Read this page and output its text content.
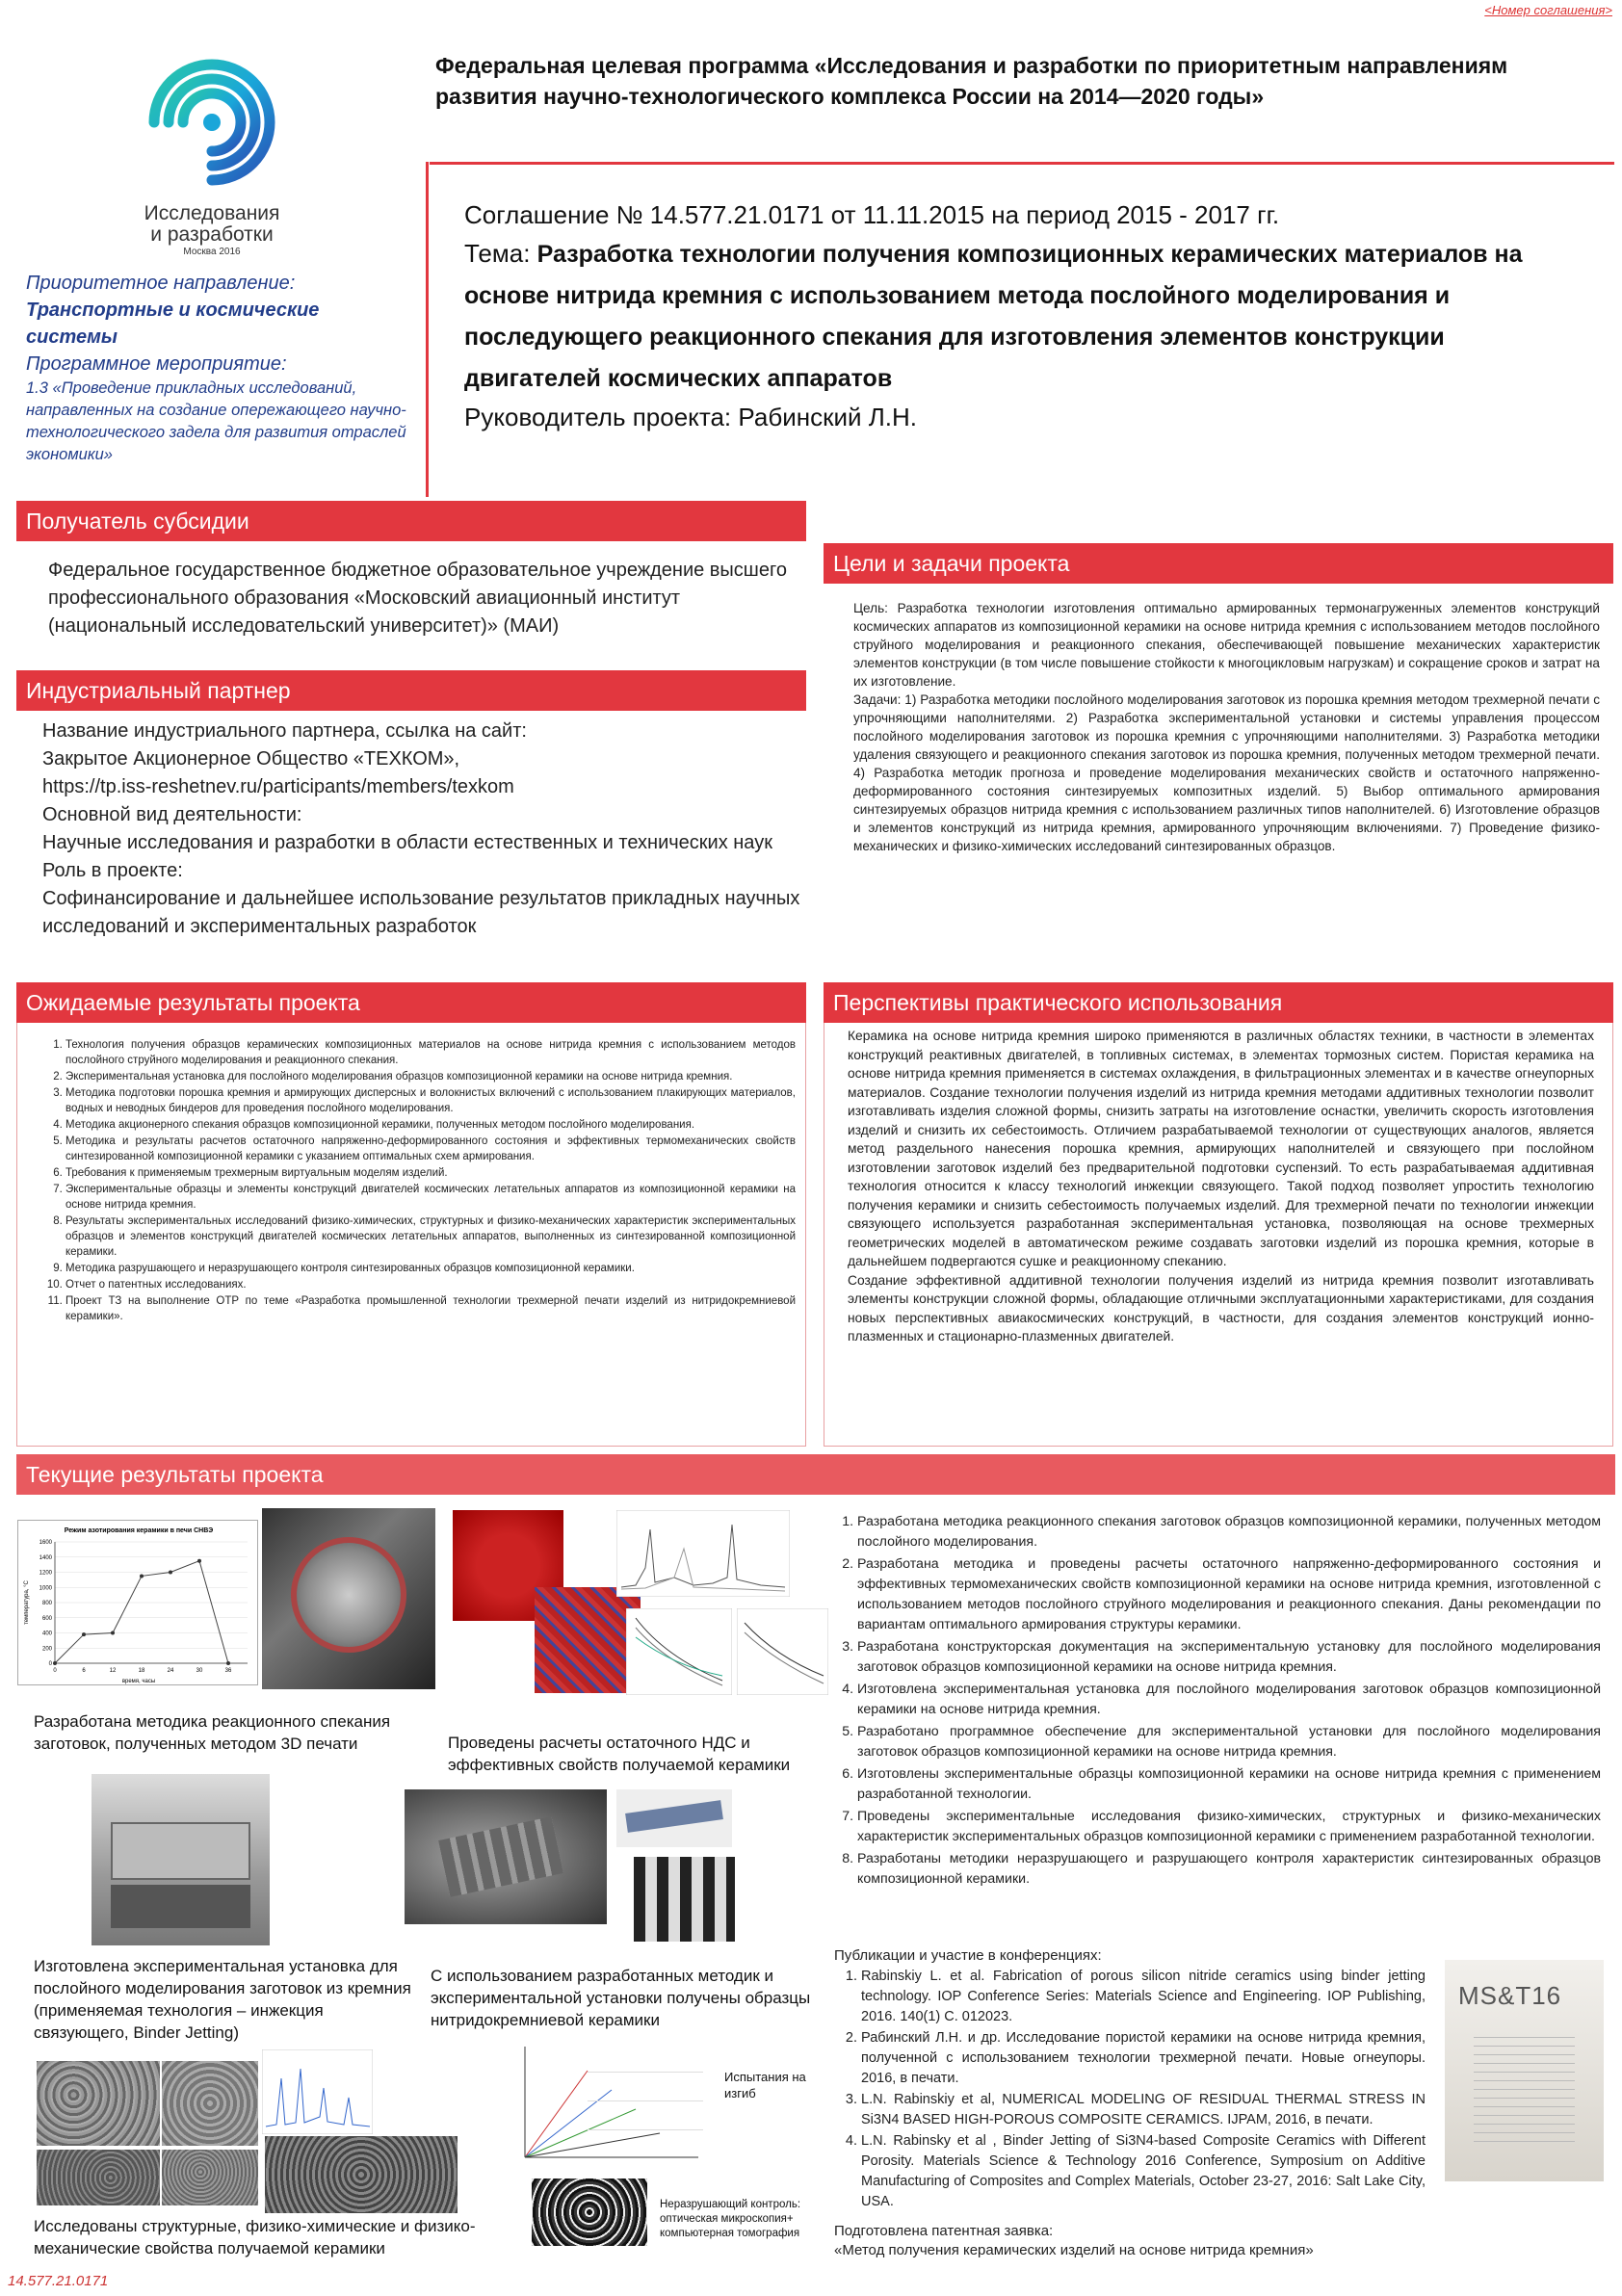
<Номер соглашения>
Исследования
и разработки
Москва 2016
Федеральная целевая программа «Исследования и разработки по приоритетным направлениям развития научно-технологического комплекса России на 2014—2020 годы»
Приоритетное направление:
Транспортные и космические системы
Программное мероприятие:
1.3 «Проведение прикладных исследований, направленных на создание опережающего научно-технологического задела для развития отраслей экономики»
Соглашение № 14.577.21.0171 от 11.11.2015 на период 2015 - 2017 гг.
Тема: Разработка технологии получения композиционных керамических материалов на основе нитрида кремния с использованием метода послойного моделирования и последующего реакционного спекания для изготовления элементов конструкции двигателей космических аппаратов
Руководитель проекта: Рабинский Л.Н.
Получатель субсидии
Федеральное государственное бюджетное образовательное учреждение высшего профессионального образования «Московский авиационный институт (национальный исследовательский университет)» (МАИ)
Индустриальный партнер
Название индустриального партнера, ссылка на сайт:
Закрытое Акционерное Общество «ТЕХКОМ»,
https://tp.iss-reshetnev.ru/participants/members/texkom
Основной вид деятельности:
Научные исследования и разработки в области естественных и технических наук
Роль в проекте:
Софинансирование и дальнейшее использование результатов прикладных научных исследований и экспериментальных разработок
Цели и задачи проекта
Цель: Разработка технологии изготовления оптимально армированных термонагруженных элементов конструкций космических аппаратов из композиционной керамики на основе нитрида кремния с использованием методов послойного струйного моделирования и реакционного спекания, обеспечивающей повышение механических характеристик элементов конструкции (в том числе повышение стойкости к многоцикловым нагрузкам) и сокращение сроков и затрат на их изготовление.
Задачи: 1) Разработка методики послойного моделирования заготовок из порошка кремния методом трехмерной печати с упрочняющими наполнителями. 2) Разработка экспериментальной установки и системы управления процессом послойного моделирования заготовок из порошка кремния с упрочняющими наполнителями. 3) Разработка методики удаления связующего и реакционного спекания заготовок из порошка кремния, полученных методом трехмерной печати. 4) Разработка методик прогноза и проведение моделирования механических свойств и остаточного напряженно-деформированного состояния синтезируемых композитных изделий. 5) Выбор оптимального армирования синтезируемых образцов нитрида кремния с использованием различных типов наполнителей. 6) Изготовление образцов и элементов конструкций из нитрида кремния, армированного упрочняющим включениями. 7) Проведение физико-механических и физико-химических исследований синтезированных образцов.
Ожидаемые результаты проекта
1. Технология получения образцов керамических композиционных материалов на основе нитрида кремния с использованием методов послойного струйного моделирования и реакционного спекания.
2. Экспериментальная установка для послойного моделирования образцов композиционной керамики на основе нитрида кремния.
3. Методика подготовки порошка кремния и армирующих дисперсных и волокнистых включений с использованием плакирующих материалов, водных и неводных биндеров для проведения послойного моделирования.
4. Методика акционерного спекания образцов композиционной керамики, полученных методом послойного моделирования.
5. Методика и результаты расчетов остаточного напряженно-деформированного состояния и эффективных термомеханических свойств синтезированной композиционной керамики с указанием оптимальных схем армирования.
6. Требования к применяемым трехмерным виртуальным моделям изделий.
7. Экспериментальные образцы и элементы конструкций двигателей космических летательных аппаратов из композиционной керамики на основе нитрида кремния.
8. Результаты экспериментальных исследований физико-химических, структурных и физико-механических характеристик экспериментальных образцов и элементов конструкций двигателей космических летательных аппаратов, выполненных из синтезированной композиционной керамики.
9. Методика разрушающего и неразрушающего контроля синтезированных образцов композиционной керамики.
10. Отчет о патентных исследованиях.
11. Проект ТЗ на выполнение ОТР по теме «Разработка промышленной технологии трехмерной печати изделий из нитридокремниевой керамики».
Перспективы практического использования
Керамика на основе нитрида кремния широко применяются в различных областях техники, в частности в элементах конструкций реактивных двигателей, в топливных системах, в элементах тормозных систем. Пористая керамика на основе нитрида кремния применяется в системах охлаждения, в фильтрационных элементах и в качестве огнеупорных материалов. Создание технологии получения изделий из нитрида кремния методами аддитивных технологии позволит изготавливать изделия сложной формы, снизить затраты на изготовление оснастки, увеличить скорость изготовления изделий и снизить их себестоимость. Отличием разрабатываемой технологии от существующих аналогов, является метод раздельного нанесения порошка кремния, армирующих наполнителей и связующего при послойном изготовлении заготовок изделий без предварительной подготовки суспензий. То есть разрабатываемая аддитивная технология относится к классу технологий инжекции связующего. Такой подход позволяет упростить технологию получения керамики и снизить себестоимость получаемых изделий. Для трехмерной печати по технологии инжекции связующего используется разработанная экспериментальная установка, позволяющая на основе трехмерных геометрических моделей в автоматическом режиме создавать заготовки изделий из порошка кремния, которые в дальнейшем подвергаются сушке и реакционному спеканию.
Создание эффективной аддитивной технологии получения изделий из нитрида кремния позволит изготавливать элементы конструкции сложной формы, обладающие отличными эксплуатационными характеристиками, для создания новых перспективных авиакосмических конструкций, в частности, для создания элементов конструкций ионно-плазменных и стационарно-плазменных двигателей.
Текущие результаты проекта
Режим азотирования керамики в печи СНВЭ
0
200
400
600
800
1000
1200
1400
1600
0	6	12	18	24	30	36
время, часы
температура, °С
Разработана методика реакционного спекания заготовок, полученных методом 3D печати	Проведены расчеты остаточного НДС и эффективных свойств получаемой керамики
Изготовлена экспериментальная установка для послойного моделирования заготовок из кремния (применяемая технология – инжекция связующего, Binder Jetting)
С использованием разработанных методик и экспериментальной установки получены образцы нитридокремниевой керамики
Испытания на изгиб
Неразрушающий контроль: оптическая микроскопия+ компьютерная томография
Исследованы структурные, физико-химические и физико-механические свойства получаемой керамики
1. Разработана методика реакционного спекания заготовок образцов композиционной керамики, полученных методом послойного моделирования.
2. Разработана методика и проведены расчеты остаточного напряженно-деформированного состояния и эффективных термомеханических свойств композиционной керамики на основе нитрида кремния, изготовленной с использованием методов послойного струйного моделирования и реакционного спекания. Даны рекомендации по вариантам оптимального армирования структуры керамики.
3. Разработана конструкторская документация на экспериментальную установку для послойного моделирования заготовок образцов композиционной керамики на основе нитрида кремния.
4. Изготовлена экспериментальная установка для послойного моделирования заготовок образцов композиционной керамики на основе нитрида кремния.
5. Разработано программное обеспечение для экспериментальной установки для послойного моделирования заготовок образцов композиционной керамики на основе нитрида кремния.
6. Изготовлены экспериментальные образцы композиционной керамики на основе нитрида кремния с применением разработанной технологии.
7. Проведены экспериментальные исследования физико-химических, структурных и физико-механических характеристик экспериментальных образцов композиционной керамики с применением разработанной технологии.
8. Разработаны методики неразрушающего и разрушающего контроля характеристик синтезированных образцов композиционной керамики.
Публикации и участие в конференциях:
1. Rabinskiy L. et al. Fabrication of porous silicon nitride ceramics using binder jetting technology. IOP Conference Series: Materials Science and Engineering. IOP Publishing, 2016. 140(1) С. 012023.
2. Рабинский Л.Н. и др. Исследование пористой керамики на основе нитрида кремния, полученной с использованием технологии трехмерной печати. Новые огнеупоры. 2016, в печати.
3. L.N. Rabinskiy et al, NUMERICAL MODELING OF RESIDUAL THERMAL STRESS IN Si3N4 BASED HIGH-POROUS COMPOSITE CERAMICS. IJPAM, 2016, в печати.
4. L.N. Rabinsky et al , Binder Jetting of Si3N4-based Composite Ceramics with Different Porosity. Materials Science & Technology 2016 Conference, Symposium on Additive Manufacturing of Composites and Complex Materials, October 23-27, 2016: Salt Lake City, USA.
Подготовлена патентная заявка:
«Метод получения керамических изделий на основе нитрида кремния»
MS&T16
14.577.21.0171
